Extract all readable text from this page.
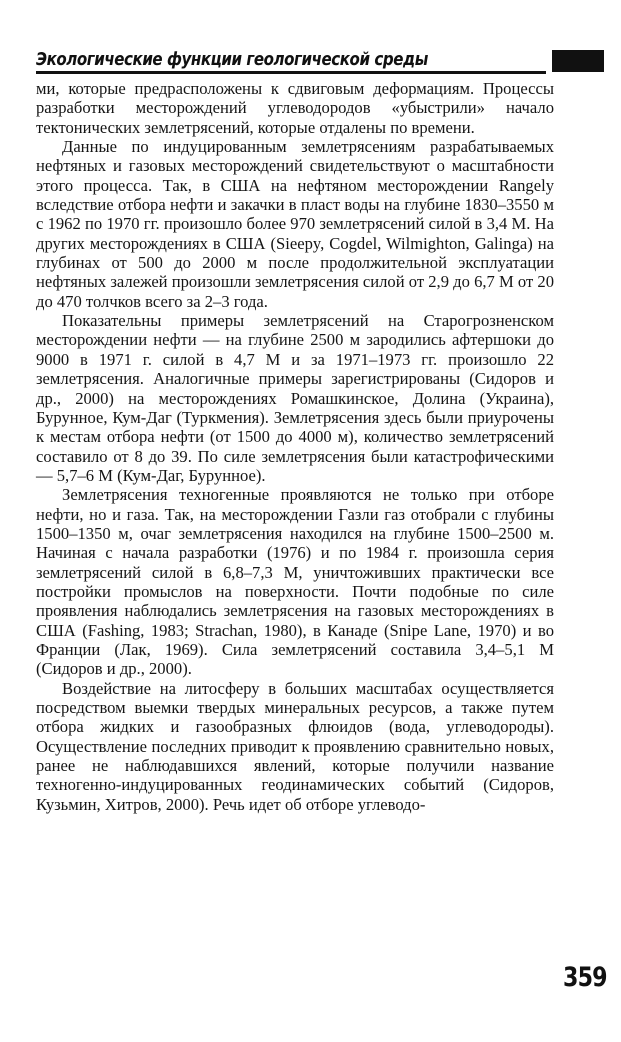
Экологические функции геологической среды

ми, которые предрасположены к сдвиговым деформациям. Процессы разработки месторождений углеводородов «убыстрили» начало тектонических землетрясений, которые отдалены по времени.

Данные по индуцированным землетрясениям разрабатываемых нефтяных и газовых месторождений свидетельствуют о масштабности этого процесса. Так, в США на нефтяном месторождении Rangely вследствие отбора нефти и закачки в пласт воды на глубине 1830–3550 м с 1962 по 1970 гг. произошло более 970 землетрясений силой в 3,4 М. На других месторождениях в США (Sieepy, Cogdel, Wilmighton, Galinga) на глубинах от 500 до 2000 м после продолжительной эксплуатации нефтяных залежей произошли землетрясения силой от 2,9 до 6,7 М от 20 до 470 толчков всего за 2–3 года.

Показательны примеры землетрясений на Старогрозненском месторождении нефти — на глубине 2500 м зародились афтершоки до 9000 в 1971 г. силой в 4,7 М и за 1971–1973 гг. произошло 22 землетрясения. Аналогичные примеры зарегистрированы (Сидоров и др., 2000) на месторождениях Ромашкинское, Долина (Украина), Бурунное, Кум-Даг (Туркмения). Землетрясения здесь были приурочены к местам отбора нефти (от 1500 до 4000 м), количество землетрясений составило от 8 до 39. По силе землетрясения были катастрофическими — 5,7–6 М (Кум-Даг, Бурунное).

Землетрясения техногенные проявляются не только при отборе нефти, но и газа. Так, на месторождении Газли газ отобрали с глубины 1500–1350 м, очаг землетрясения находился на глубине 1500–2500 м. Начиная с начала разработки (1976) и по 1984 г. произошла серия землетрясений силой в 6,8–7,3 М, уничтоживших практически все постройки промыслов на поверхности. Почти подобные по силе проявления наблюдались землетрясения на газовых месторождениях в США (Fashing, 1983; Strachan, 1980), в Канаде (Snipe Lane, 1970) и во Франции (Лак, 1969). Сила землетрясений составила 3,4–5,1 М (Сидоров и др., 2000).

Воздействие на литосферу в больших масштабах осуществляется посредством выемки твердых минеральных ресурсов, а также путем отбора жидких и газообразных флюидов (вода, углеводороды). Осуществление последних приводит к проявлению сравнительно новых, ранее не наблюдавшихся явлений, которые получили название техногенно-индуцированных геодинамических событий (Сидоров, Кузьмин, Хитров, 2000). Речь идет об отборе углеводо-

359
